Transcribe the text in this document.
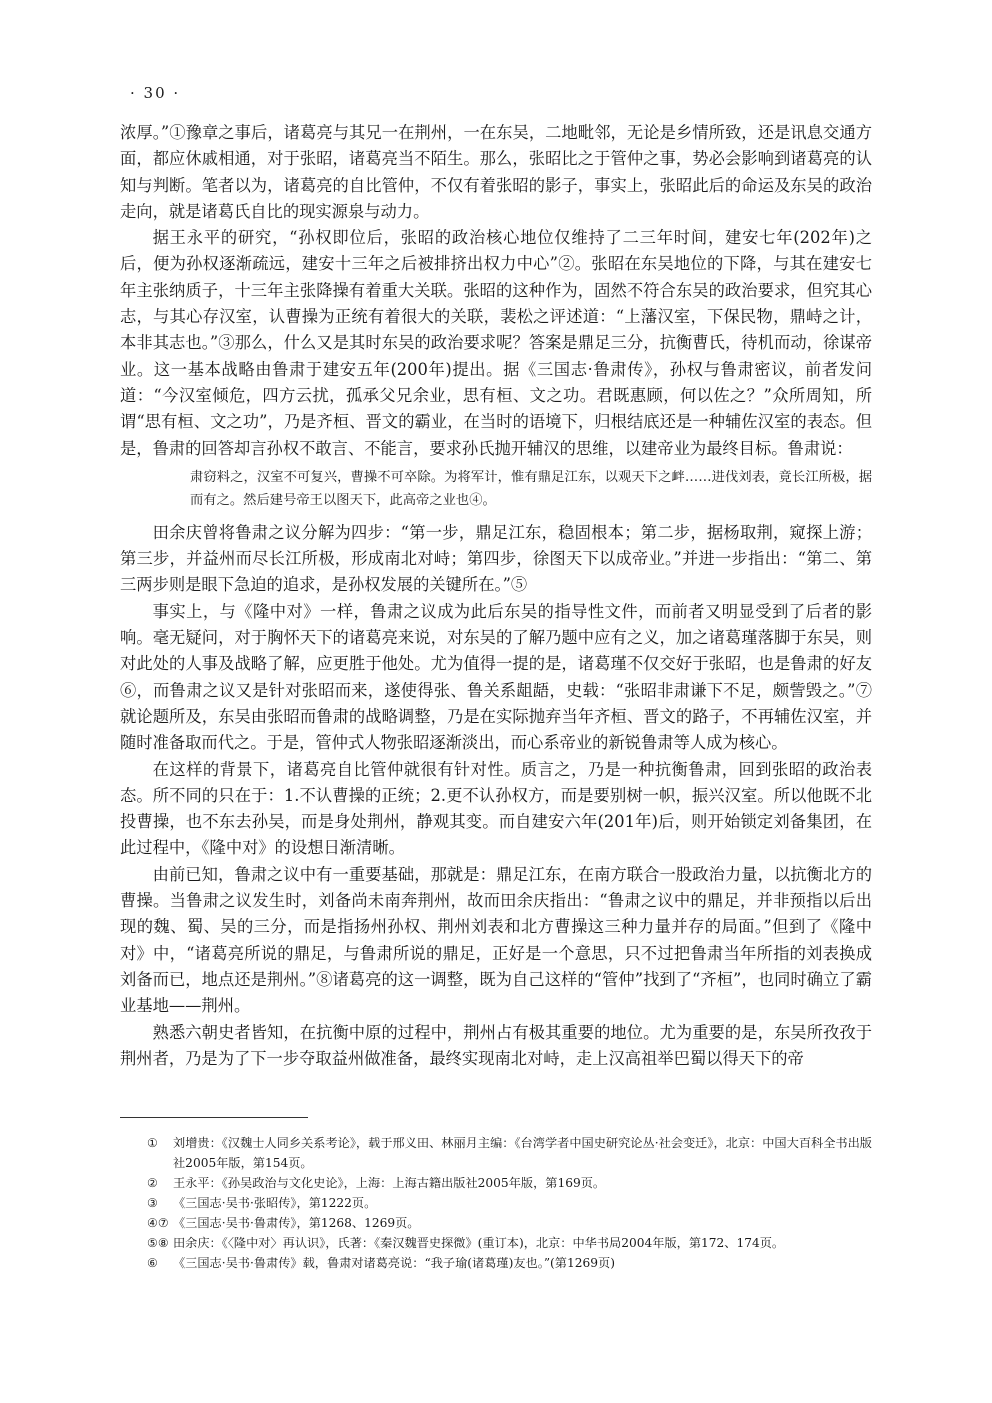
· 30 ·

浓厚。”①豫章之事后，诸葛亮与其兄一在荆州，一在东吴，二地毗邻，无论是乡情所致，还是讯息交通方面，都应休戚相通，对于张昭，诸葛亮当不陌生。那么，张昭比之于管仲之事，势必会影响到诸葛亮的认知与判断。笔者以为，诸葛亮的自比管仲，不仅有着张昭的影子，事实上，张昭此后的命运及东吴的政治走向，就是诸葛氏自比的现实源泉与动力。

据王永平的研究，“孙权即位后，张昭的政治核心地位仅维持了二三年时间，建安七年(202年)之后，便为孙权逐渐疏远，建安十三年之后被排挤出权力中心”②。张昭在东吴地位的下降，与其在建安七年主张纳质子，十三年主张降操有着重大关联。张昭的这种作为，固然不符合东吴的政治要求，但究其心志，与其心存汉室，认曹操为正统有着很大的关联，裴松之评述道：“上藩汉室，下保民物，鼎峙之计，本非其志也。”③那么，什么又是其时东吴的政治要求呢？答案是鼎足三分，抗衡曹氏，待机而动，徐谋帝业。这一基本战略由鲁肃于建安五年(200年)提出。据《三国志·鲁肃传》，孙权与鲁肃密议，前者发问道：“今汉室倾危，四方云扰，孤承父兄余业，思有桓、文之功。君既惠顾，何以佐之？”众所周知，所谓“思有桓、文之功”，乃是齐桓、晋文的霸业，在当时的语境下，归根结底还是一种辅佐汉室的表态。但是，鲁肃的回答却言孙权不敢言、不能言，要求孙氏抛开辅汉的思维，以建帝业为最终目标。鲁肃说：

肃窃料之，汉室不可复兴，曹操不可卒除。为将军计，惟有鼎足江东，以观天下之衅……进伐刘表，竟长江所极，据而有之。然后建号帝王以图天下，此高帝之业也④。

田余庆曾将鲁肃之议分解为四步：“第一步，鼎足江东，稳固根本；第二步，据杨取荆，窥探上游；第三步，并益州而尽长江所极，形成南北对峙；第四步，徐图天下以成帝业。”并进一步指出：“第二、第三两步则是眼下急迫的追求，是孙权发展的关键所在。”⑤

事实上，与《隆中对》一样，鲁肃之议成为此后东吴的指导性文件，而前者又明显受到了后者的影响。毫无疑问，对于胸怀天下的诸葛亮来说，对东吴的了解乃题中应有之义，加之诸葛瑾落脚于东吴，则对此处的人事及战略了解，应更胜于他处。尤为值得一提的是，诸葛瑾不仅交好于张昭，也是鲁肃的好友⑥，而鲁肃之议又是针对张昭而来，遂使得张、鲁关系龃龉，史载：“张昭非肃谦下不足，颇訾毁之。”⑦就论题所及，东吴由张昭而鲁肃的战略调整，乃是在实际抛弃当年齐桓、晋文的路子，不再辅佐汉室，并随时准备取而代之。于是，管仲式人物张昭逐渐淡出，而心系帝业的新锐鲁肃等人成为核心。

在这样的背景下，诸葛亮自比管仲就很有针对性。质言之，乃是一种抗衡鲁肃，回到张昭的政治表态。所不同的只在于：1.不认曹操的正统；2.更不认孙权方，而是要别树一帜，振兴汉室。所以他既不北投曹操，也不东去孙吴，而是身处荆州，静观其变。而自建安六年(201年)后，则开始锁定刘备集团，在此过程中，《隆中对》的设想日渐清晰。

由前已知，鲁肃之议中有一重要基础，那就是：鼎足江东，在南方联合一股政治力量，以抗衡北方的曹操。当鲁肃之议发生时，刘备尚未南奔荆州，故而田余庆指出：“鲁肃之议中的鼎足，并非预指以后出现的魏、蜀、吴的三分，而是指扬州孙权、荆州刘表和北方曹操这三种力量并存的局面。”但到了《隆中对》中，“诸葛亮所说的鼎足，与鲁肃所说的鼎足，正好是一个意思，只不过把鲁肃当年所指的刘表换成刘备而已，地点还是荆州。”⑧诸葛亮的这一调整，既为自己这样的“管仲”找到了“齐桓”，也同时确立了霸业基地——荆州。

熟悉六朝史者皆知，在抗衡中原的过程中，荆州占有极其重要的地位。尤为重要的是，东吴所孜孜于荆州者，乃是为了下一步夺取益州做准备，最终实现南北对峙，走上汉高祖举巴蜀以得天下的帝

①	刘增贵：《汉魏士人同乡关系考论》，载于邢义田、林丽月主编：《台湾学者中国史研究论丛·社会变迁》，北京：中国大百科全书出版社2005年版，第154页。
②	王永平：《孙吴政治与文化史论》，上海：上海古籍出版社2005年版，第169页。
③	《三国志·吴书·张昭传》，第1222页。
④⑦ 《三国志·吴书·鲁肃传》，第1268、1269页。
⑤⑧ 田余庆：《〈隆中对〉再认识》，氏著：《秦汉魏晋史探微》(重订本)，北京：中华书局2004年版，第172、174页。
⑥	《三国志·吴书·鲁肃传》载，鲁肃对诸葛亮说：“我子瑜(诸葛瑾)友也。”(第1269页)
